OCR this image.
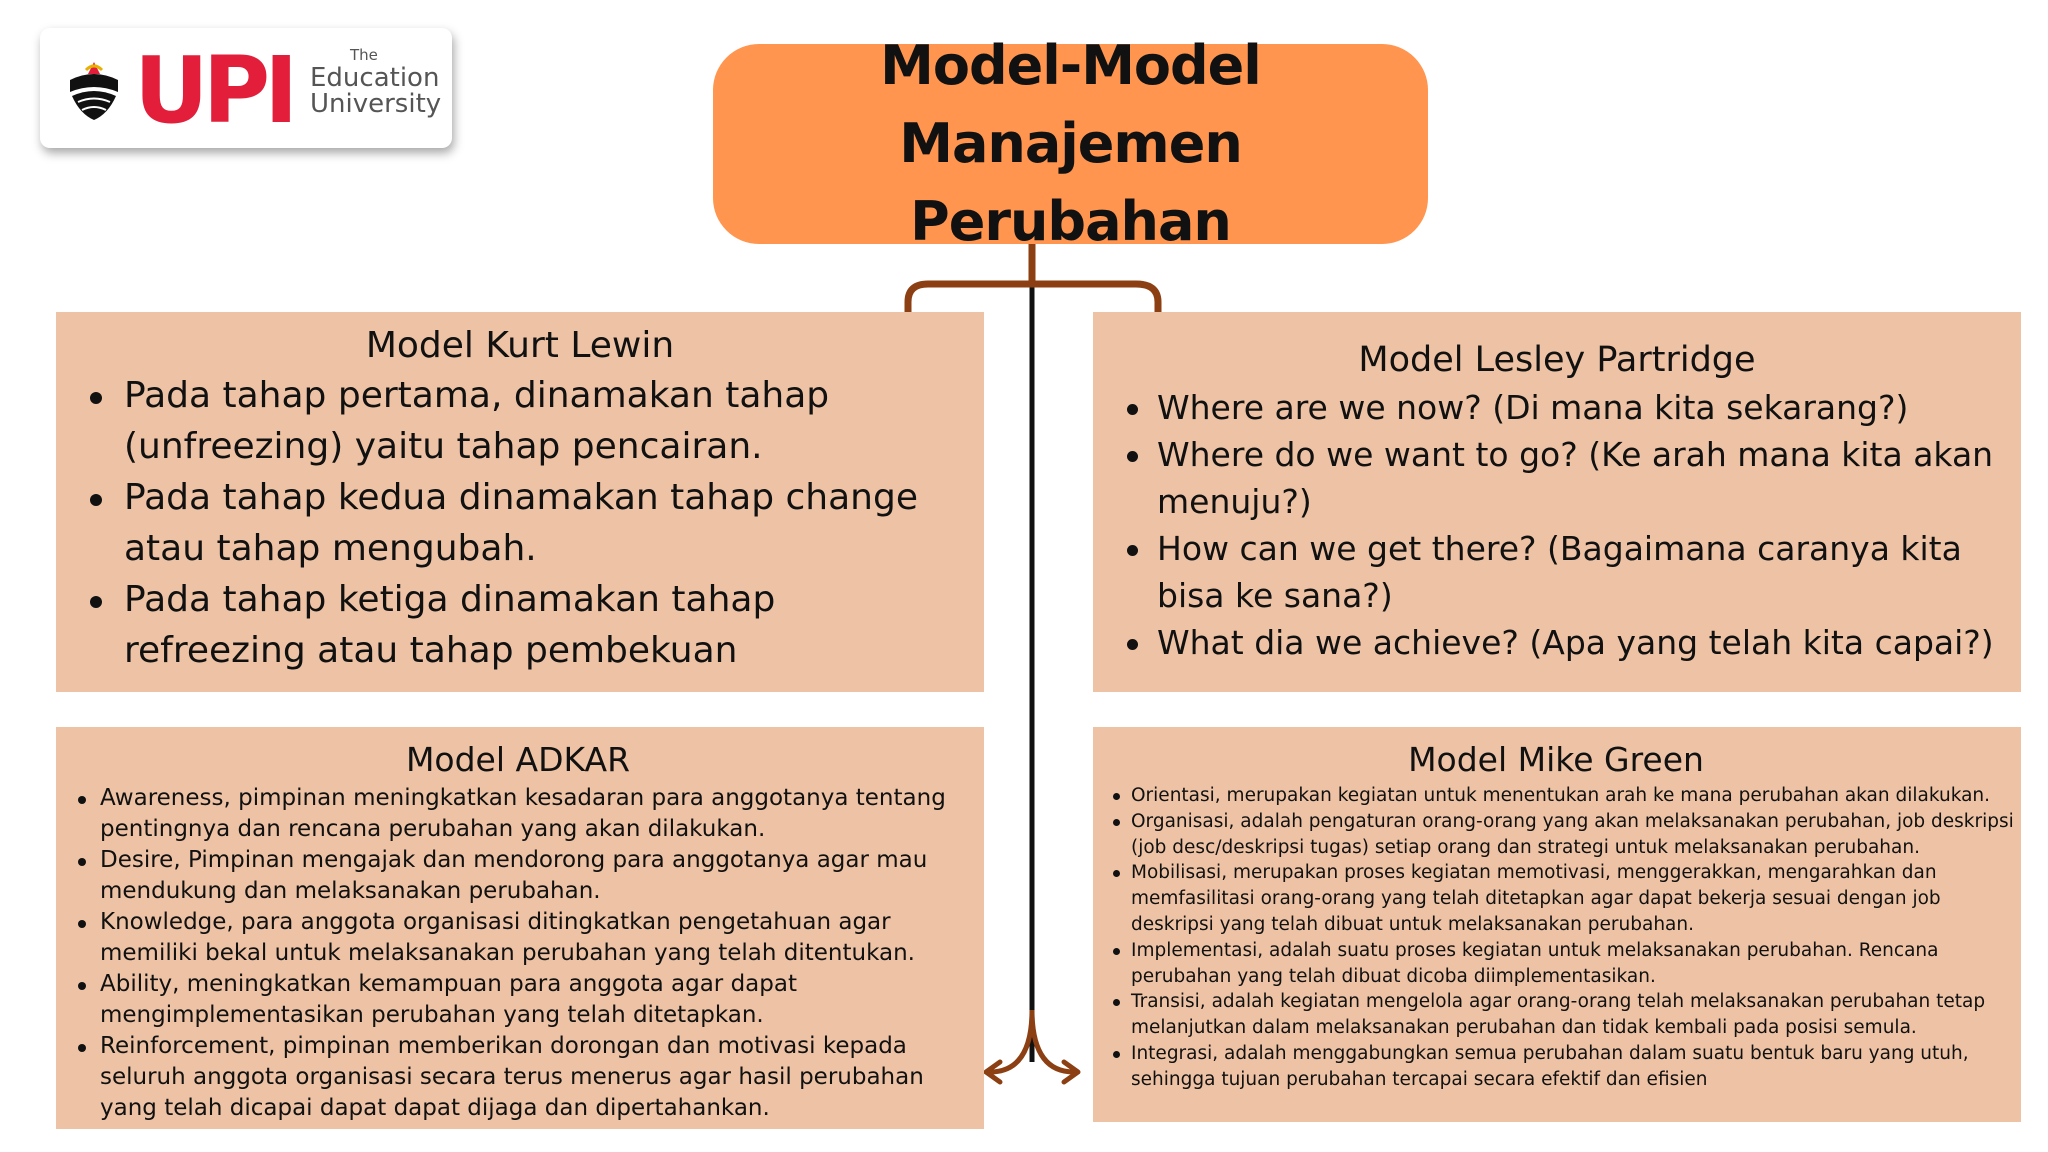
UPI	The
Education
University
Model-Model Manajemen Perubahan
Model Kurt Lewin
Pada tahap pertama, dinamakan tahap (unfreezing) yaitu tahap pencairan.
Pada tahap kedua dinamakan tahap change atau tahap mengubah.
Pada tahap ketiga dinamakan tahap refreezing atau tahap pembekuan
Model Lesley Partridge
Where are we now? (Di mana kita sekarang?)
Where do we want to go? (Ke arah mana kita akan menuju?)
How can we get there? (Bagaimana caranya kita bisa ke sana?)
What dia we achieve? (Apa yang telah kita capai?)
Model ADKAR
Awareness, pimpinan meningkatkan kesadaran para anggotanya tentang pentingnya dan rencana perubahan yang akan dilakukan.
Desire, Pimpinan mengajak dan mendorong para anggotanya agar mau mendukung dan melaksanakan perubahan.
Knowledge, para anggota organisasi ditingkatkan pengetahuan agar memiliki bekal untuk melaksanakan perubahan yang telah ditentukan.
Ability, meningkatkan kemampuan para anggota agar dapat mengimplementasikan perubahan yang telah ditetapkan.
Reinforcement, pimpinan memberikan dorongan dan motivasi kepada seluruh anggota organisasi secara terus menerus agar hasil perubahan yang telah dicapai dapat dapat dijaga dan dipertahankan.
Model Mike Green
Orientasi, merupakan kegiatan untuk menentukan arah ke mana perubahan akan dilakukan.
Organisasi, adalah pengaturan orang-orang yang akan melaksanakan perubahan, job deskripsi (job desc/deskripsi tugas) setiap orang dan strategi untuk melaksanakan perubahan.
Mobilisasi, merupakan proses kegiatan memotivasi, menggerakkan, mengarahkan dan memfasilitasi orang-orang yang telah ditetapkan agar dapat bekerja sesuai dengan job deskripsi yang telah dibuat untuk melaksanakan perubahan.
Implementasi, adalah suatu proses kegiatan untuk melaksanakan perubahan. Rencana perubahan yang telah dibuat dicoba diimplementasikan.
Transisi, adalah kegiatan mengelola agar orang-orang telah melaksanakan perubahan tetap melanjutkan dalam melaksanakan perubahan dan tidak kembali pada posisi semula.
Integrasi, adalah menggabungkan semua perubahan dalam suatu bentuk baru yang utuh, sehingga tujuan perubahan tercapai secara efektif dan efisien
